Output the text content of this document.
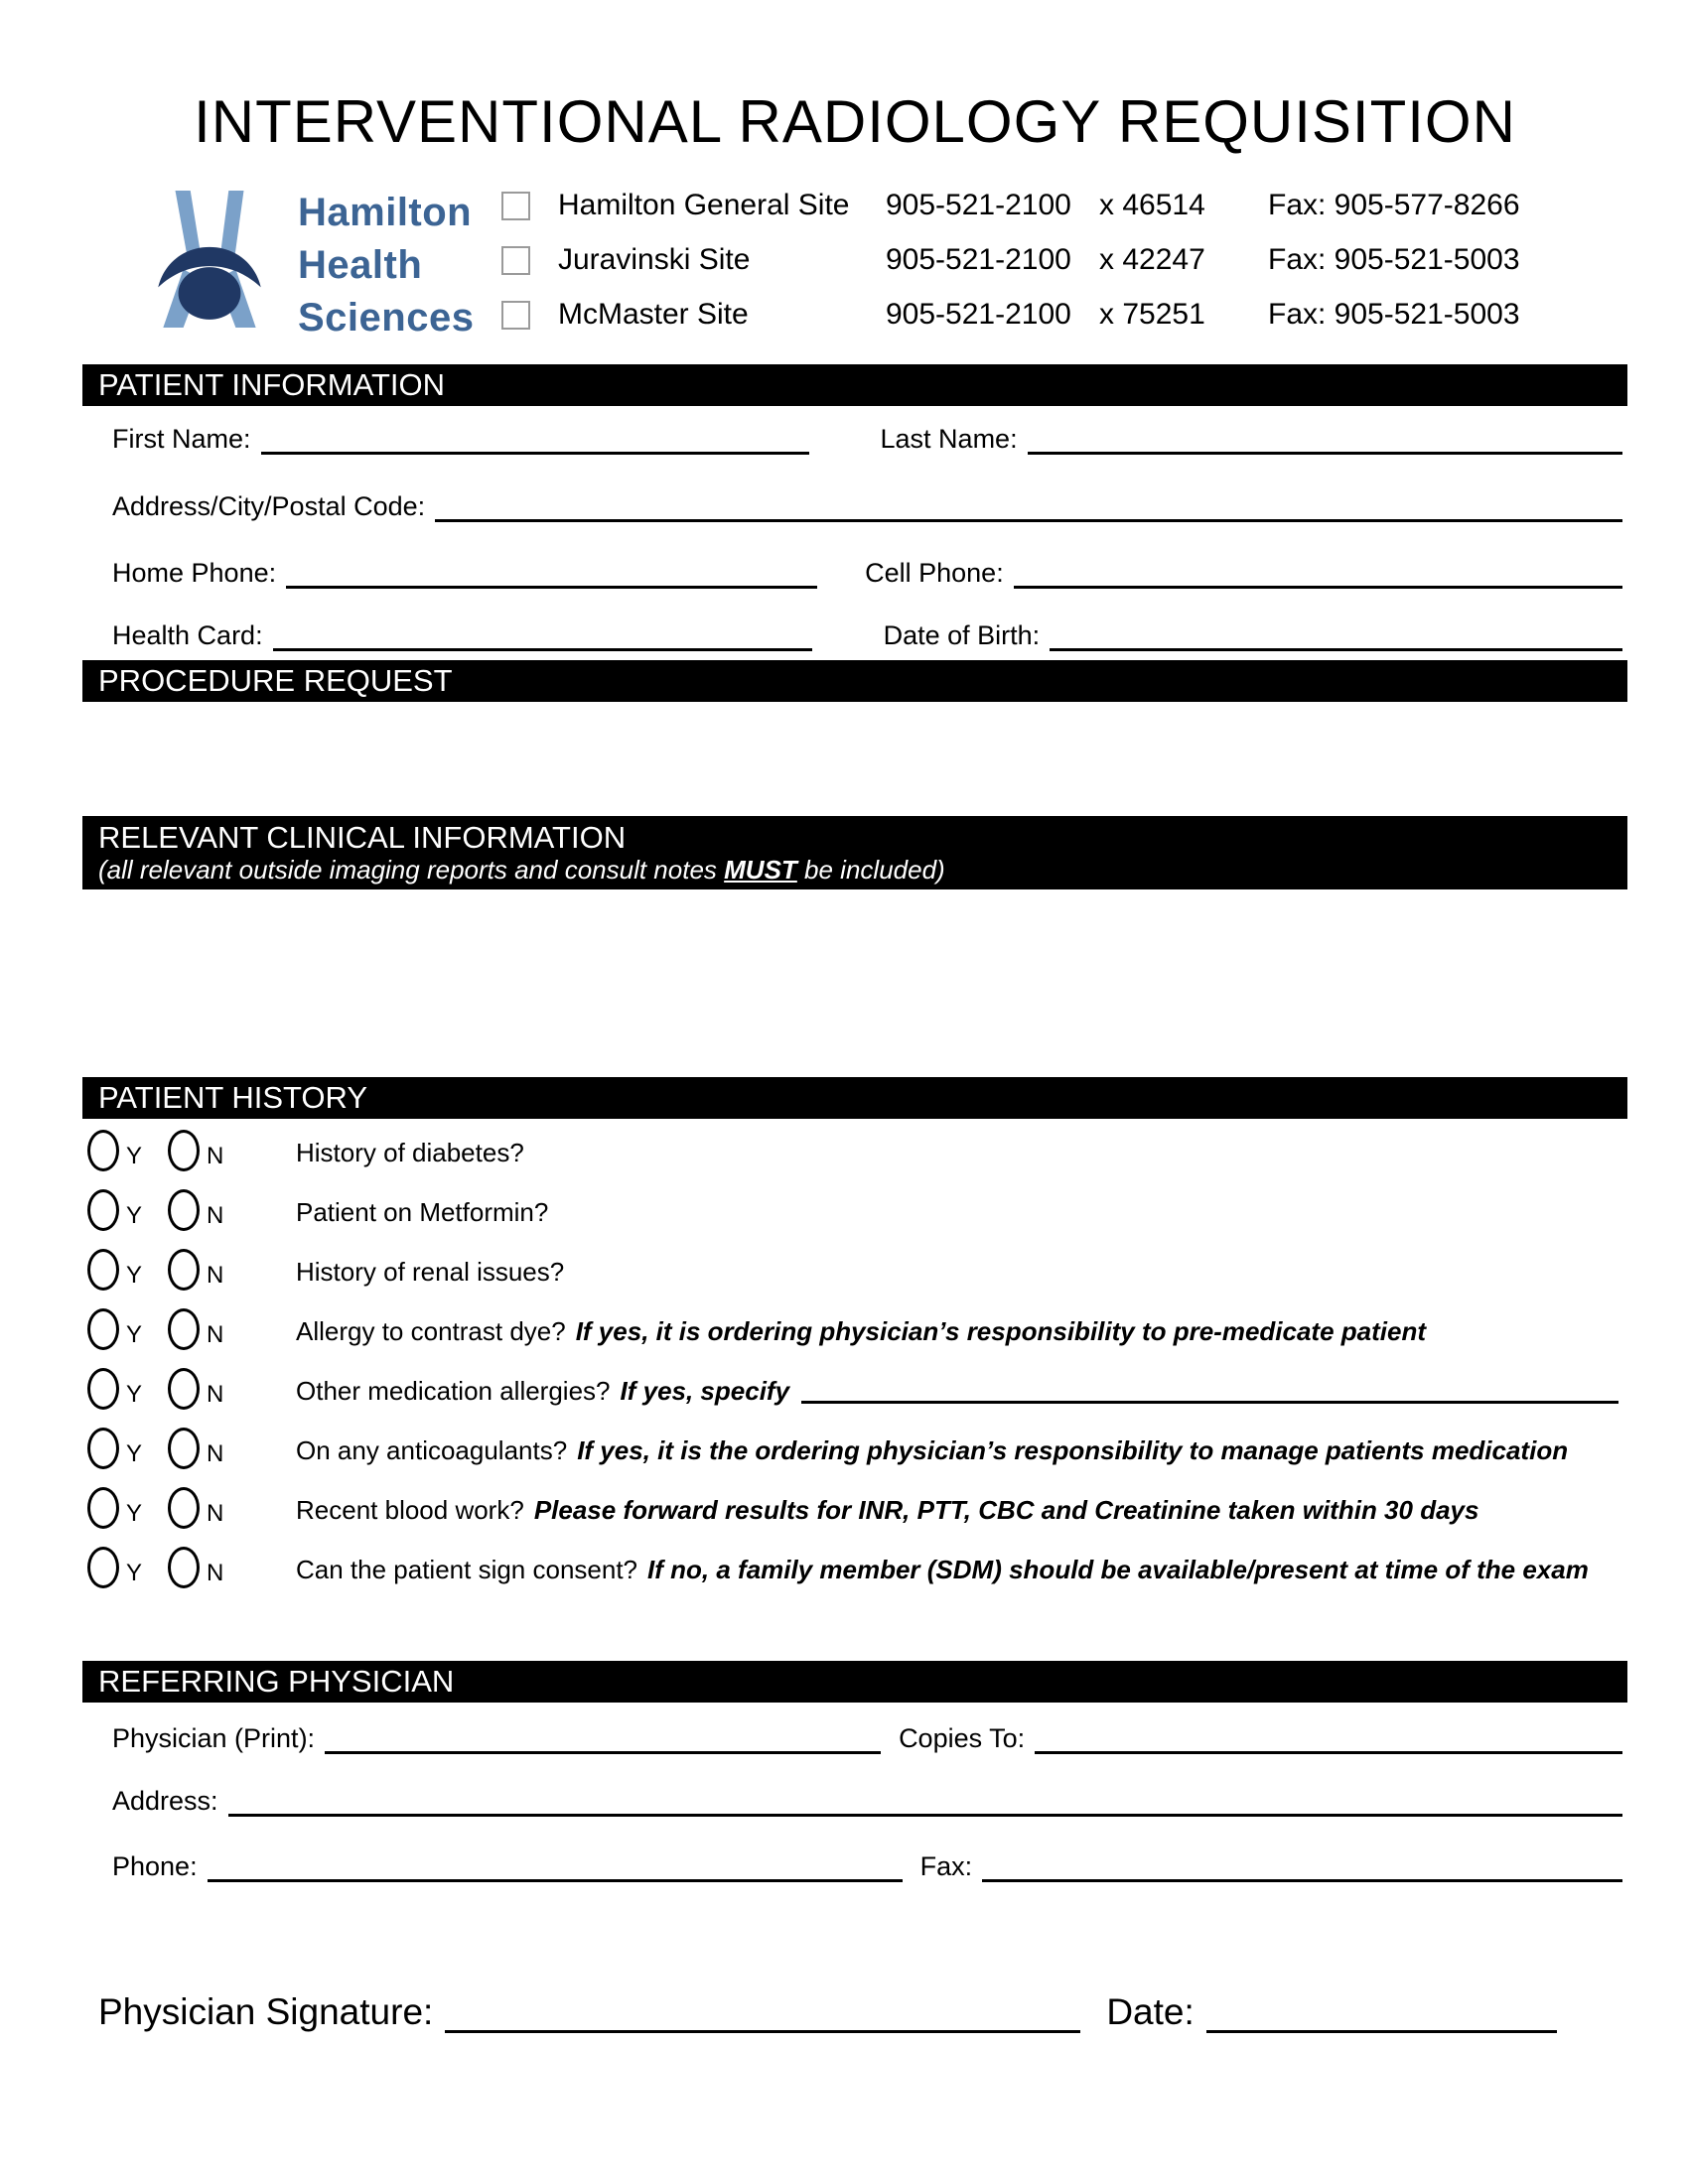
INTERVENTIONAL RADIOLOGY REQUISITION
Hamilton
Health
Sciences
Hamilton General Site	905-521-2100 x 46514	Fax: 905-577-8266
Juravinski Site	905-521-2100 x 42247	Fax: 905-521-5003
McMaster Site	905-521-2100 x 75251	Fax: 905-521-5003
PATIENT INFORMATION
First Name:	Last Name:
Address/City/Postal Code:
Home Phone:	Cell Phone:
Health Card:	Date of Birth:
PROCEDURE REQUEST
RELEVANT CLINICAL INFORMATION
(all relevant outside imaging reports and consult notes MUST be included)
PATIENT HISTORY
Y	N	History of diabetes?
Y	N	Patient on Metformin?
Y	N	History of renal issues?
Y	N	Allergy to contrast dye? If yes, it is ordering physician’s responsibility to pre-medicate patient
Y	N	Other medication allergies? If yes, specify
Y	N	On any anticoagulants? If yes, it is the ordering physician’s responsibility to manage patients medication
Y	N	Recent blood work? Please forward results for INR, PTT, CBC and Creatinine taken within 30 days
Y	N	Can the patient sign consent? If no, a family member (SDM) should be available/present at time of the exam
REFERRING PHYSICIAN
Physician (Print):	Copies To:
Address:
Phone:	Fax:
Physician Signature:	Date:
